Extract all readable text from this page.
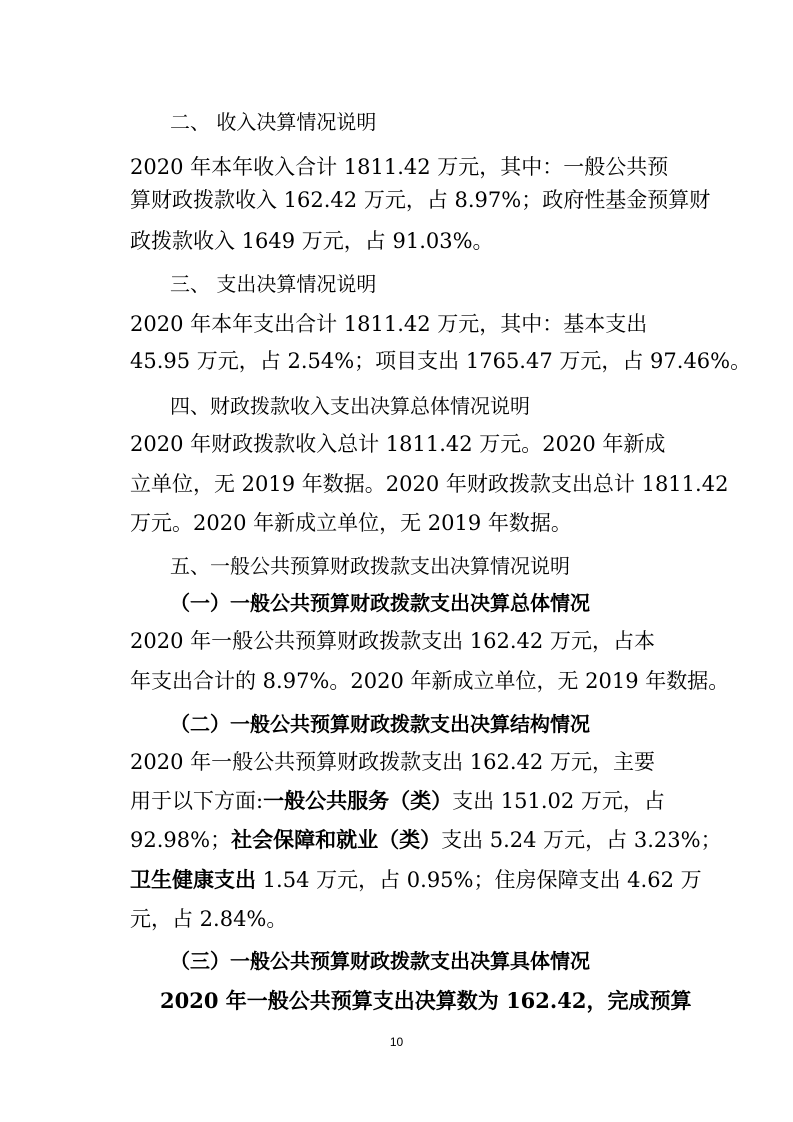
二、 收入决算情况说明
2020 年本年收入合计 1811.42 万元，其中：一般公共预
算财政拨款收入 162.42 万元，占 8.97%；政府性基金预算财
政拨款收入 1649 万元，占 91.03%。
三、 支出决算情况说明
2020 年本年支出合计 1811.42 万元，其中：基本支出
45.95 万元，占 2.54%；项目支出 1765.47 万元，占 97.46%。
四、财政拨款收入支出决算总体情况说明
2020 年财政拨款收入总计 1811.42 万元。2020 年新成
立单位，无 2019 年数据。2020 年财政拨款支出总计 1811.42
万元。2020 年新成立单位，无 2019 年数据。
五、一般公共预算财政拨款支出决算情况说明
（一）一般公共预算财政拨款支出决算总体情况
2020 年一般公共预算财政拨款支出 162.42 万元，占本
年支出合计的 8.97%。2020 年新成立单位，无 2019 年数据。
（二）一般公共预算财政拨款支出决算结构情况
2020 年一般公共预算财政拨款支出 162.42 万元，主要
用于以下方面:一般公共服务（类）支出 151.02 万元，占
92.98%；社会保障和就业（类）支出 5.24 万元，占 3.23%；
卫生健康支出 1.54 万元，占 0.95%；住房保障支出 4.62 万
元，占 2.84%。
（三）一般公共预算财政拨款支出决算具体情况
2020 年一般公共预算支出决算数为 162.42，完成预算
10
